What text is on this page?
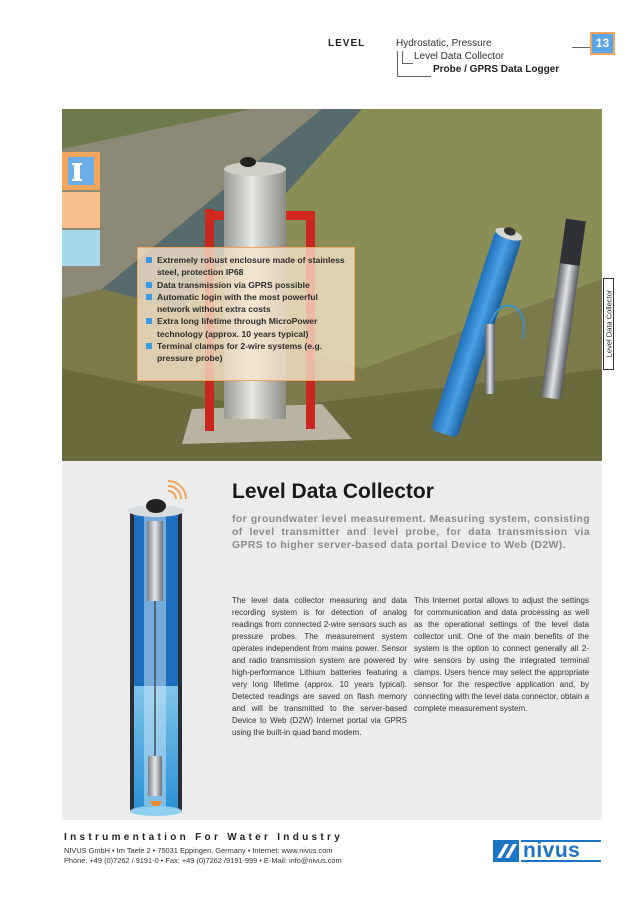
LEVEL	Hydrostatic, Pressure
Level Data Collector
Probe / GPRS Data Logger
13
Extremely robust enclosure made of stainless steel, protection IP68
Data transmission via GPRS possible
Automatic login with the most powerful network without extra costs
Extra long lifetime through MicroPower technology (approx. 10 years typical)
Terminal clamps for 2-wire systems (e.g. pressure probe)
Level Data Collector
Level Data Collector
for groundwater level measurement. Measuring system, consisting of level transmitter and level probe, for data transmission via GPRS to higher server-based data portal Device to Web (D2W).
The level data collector measuring and data recording system is for detection of analog readings from connected 2-wire sensors such as pressure probes. The measurement system operates independent from mains power. Sensor and radio transmission system are powered by high-performance Lithium batteries featuring a very long lifetime (approx. 10 years typical). Detected readings are saved on flash memory and will be transmitted to the server-based Device to Web (D2W) Internet portal via GPRS using the built-in quad band modem.
This Internet portal allows to adjust the settings for communication and data processing as well as the operational settings of the level data collector unit. One of the main benefits of the system is the option to connect generally all 2-wire sensors by using the integrated terminal clamps. Users hence may select the appropriate sensor for the respective application and, by connecting with the level data connector, obtain a complete measurement system.
Instrumentation For Water Industry
NIVUS GmbH • Im Taele 2 • 75031 Eppingen, Germany • Internet: www.nivus.com
Phone: +49 (0)7262 / 9191-0 • Fax: +49 (0)7262 /9191-999 • E-Mail: info@nivus.com	nivus
